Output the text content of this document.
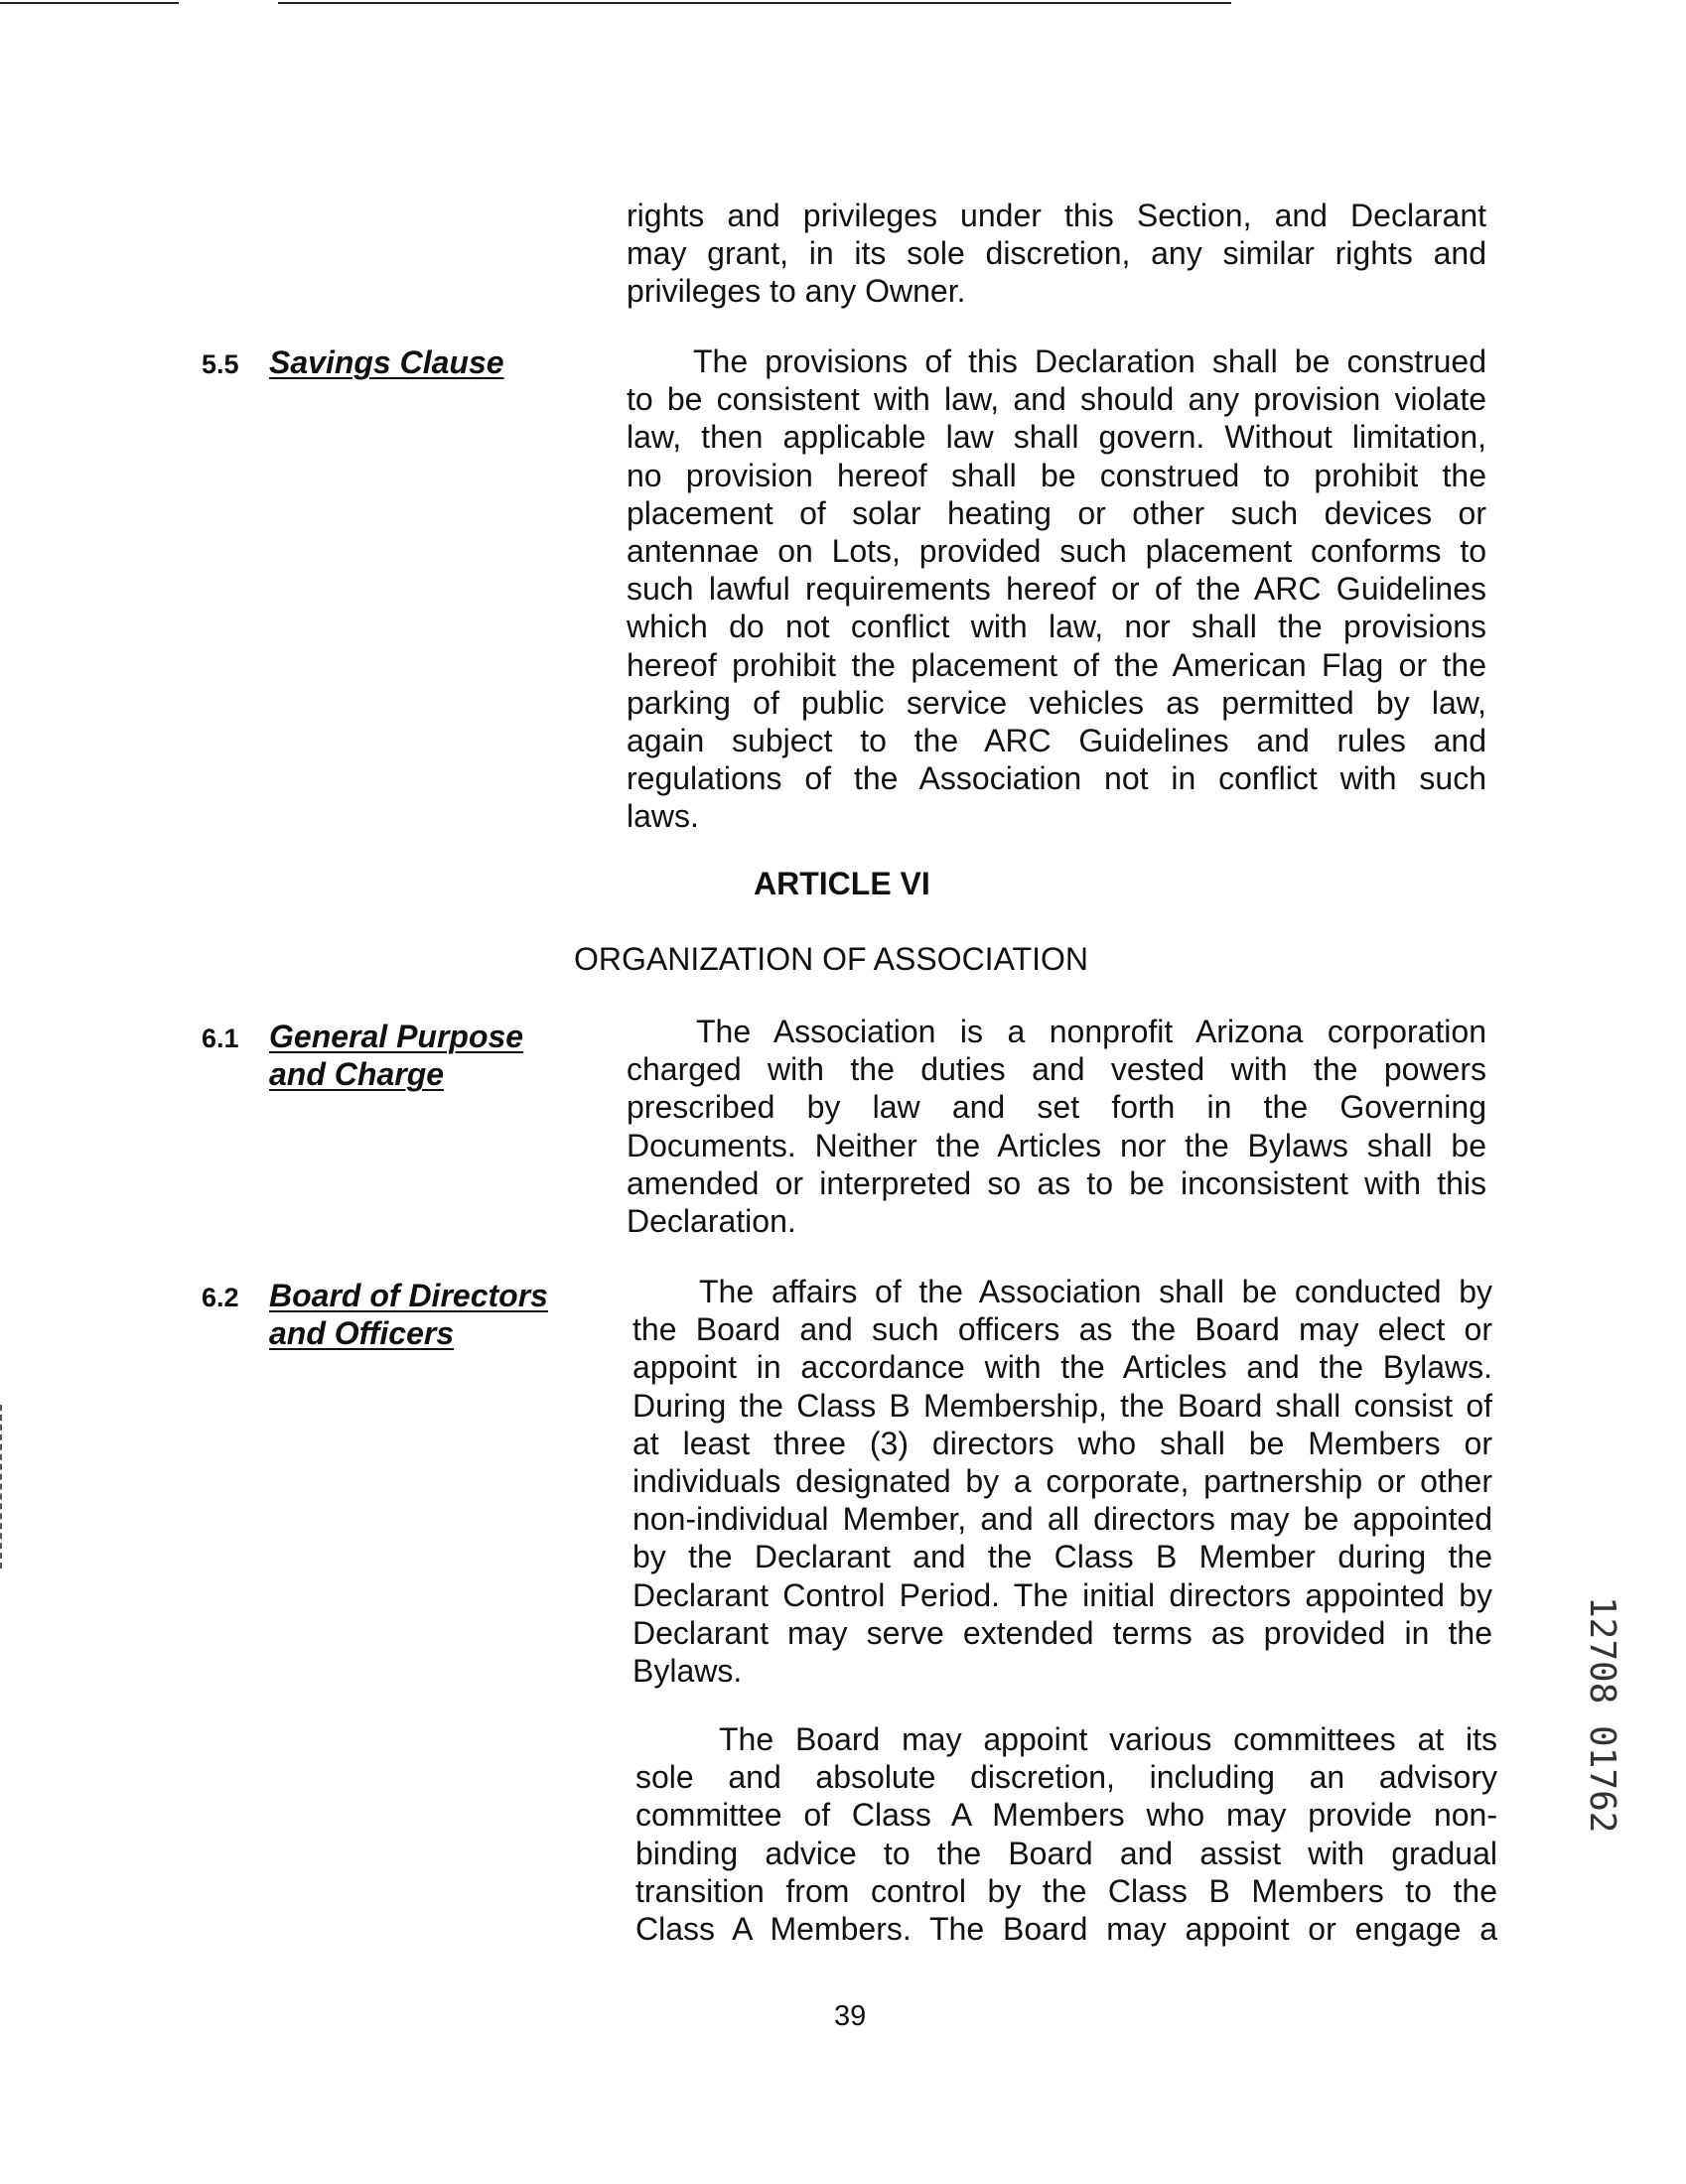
rights and privileges under this Section, and Declarant
may grant, in its sole discretion, any similar rights and
privileges to any Owner.
5.5 Savings Clause	The provisions of this Declaration shall be construed
to be consistent with law, and should any provision violate
law, then applicable law shall govern. Without limitation,
no provision hereof shall be construed to prohibit the
placement of solar heating or other such devices or
antennae on Lots, provided such placement conforms to
such lawful requirements hereof or of the ARC Guidelines
which do not conflict with law, nor shall the provisions
hereof prohibit the placement of the American Flag or the
parking of public service vehicles as permitted by law,
again subject to the ARC Guidelines and rules and
regulations of the Association not in conflict with such
laws.
ARTICLE VI
ORGANIZATION OF ASSOCIATION
6.1 General Purpose
and Charge
The Association is a nonprofit Arizona corporation
charged with the duties and vested with the powers
prescribed by law and set forth in the Governing
Documents. Neither the Articles nor the Bylaws shall be
amended or interpreted so as to be inconsistent with this
Declaration.
6.2 Board of Directors
and Officers
The affairs of the Association shall be conducted by
the Board and such officers as the Board may elect or
appoint in accordance with the Articles and the Bylaws.
During the Class B Membership, the Board shall consist of
at least three (3) directors who shall be Members or
individuals designated by a corporate, partnership or other
non-individual Member, and all directors may be appointed
by the Declarant and the Class B Member during the
Declarant Control Period. The initial directors appointed by
Declarant may serve extended terms as provided in the
Bylaws.
The Board may appoint various committees at its
sole and absolute discretion, including an advisory
committee of Class A Members who may provide non-
binding advice to the Board and assist with gradual
transition from control by the Class B Members to the
Class A Members. The Board may appoint or engage a
39
12708 01762
